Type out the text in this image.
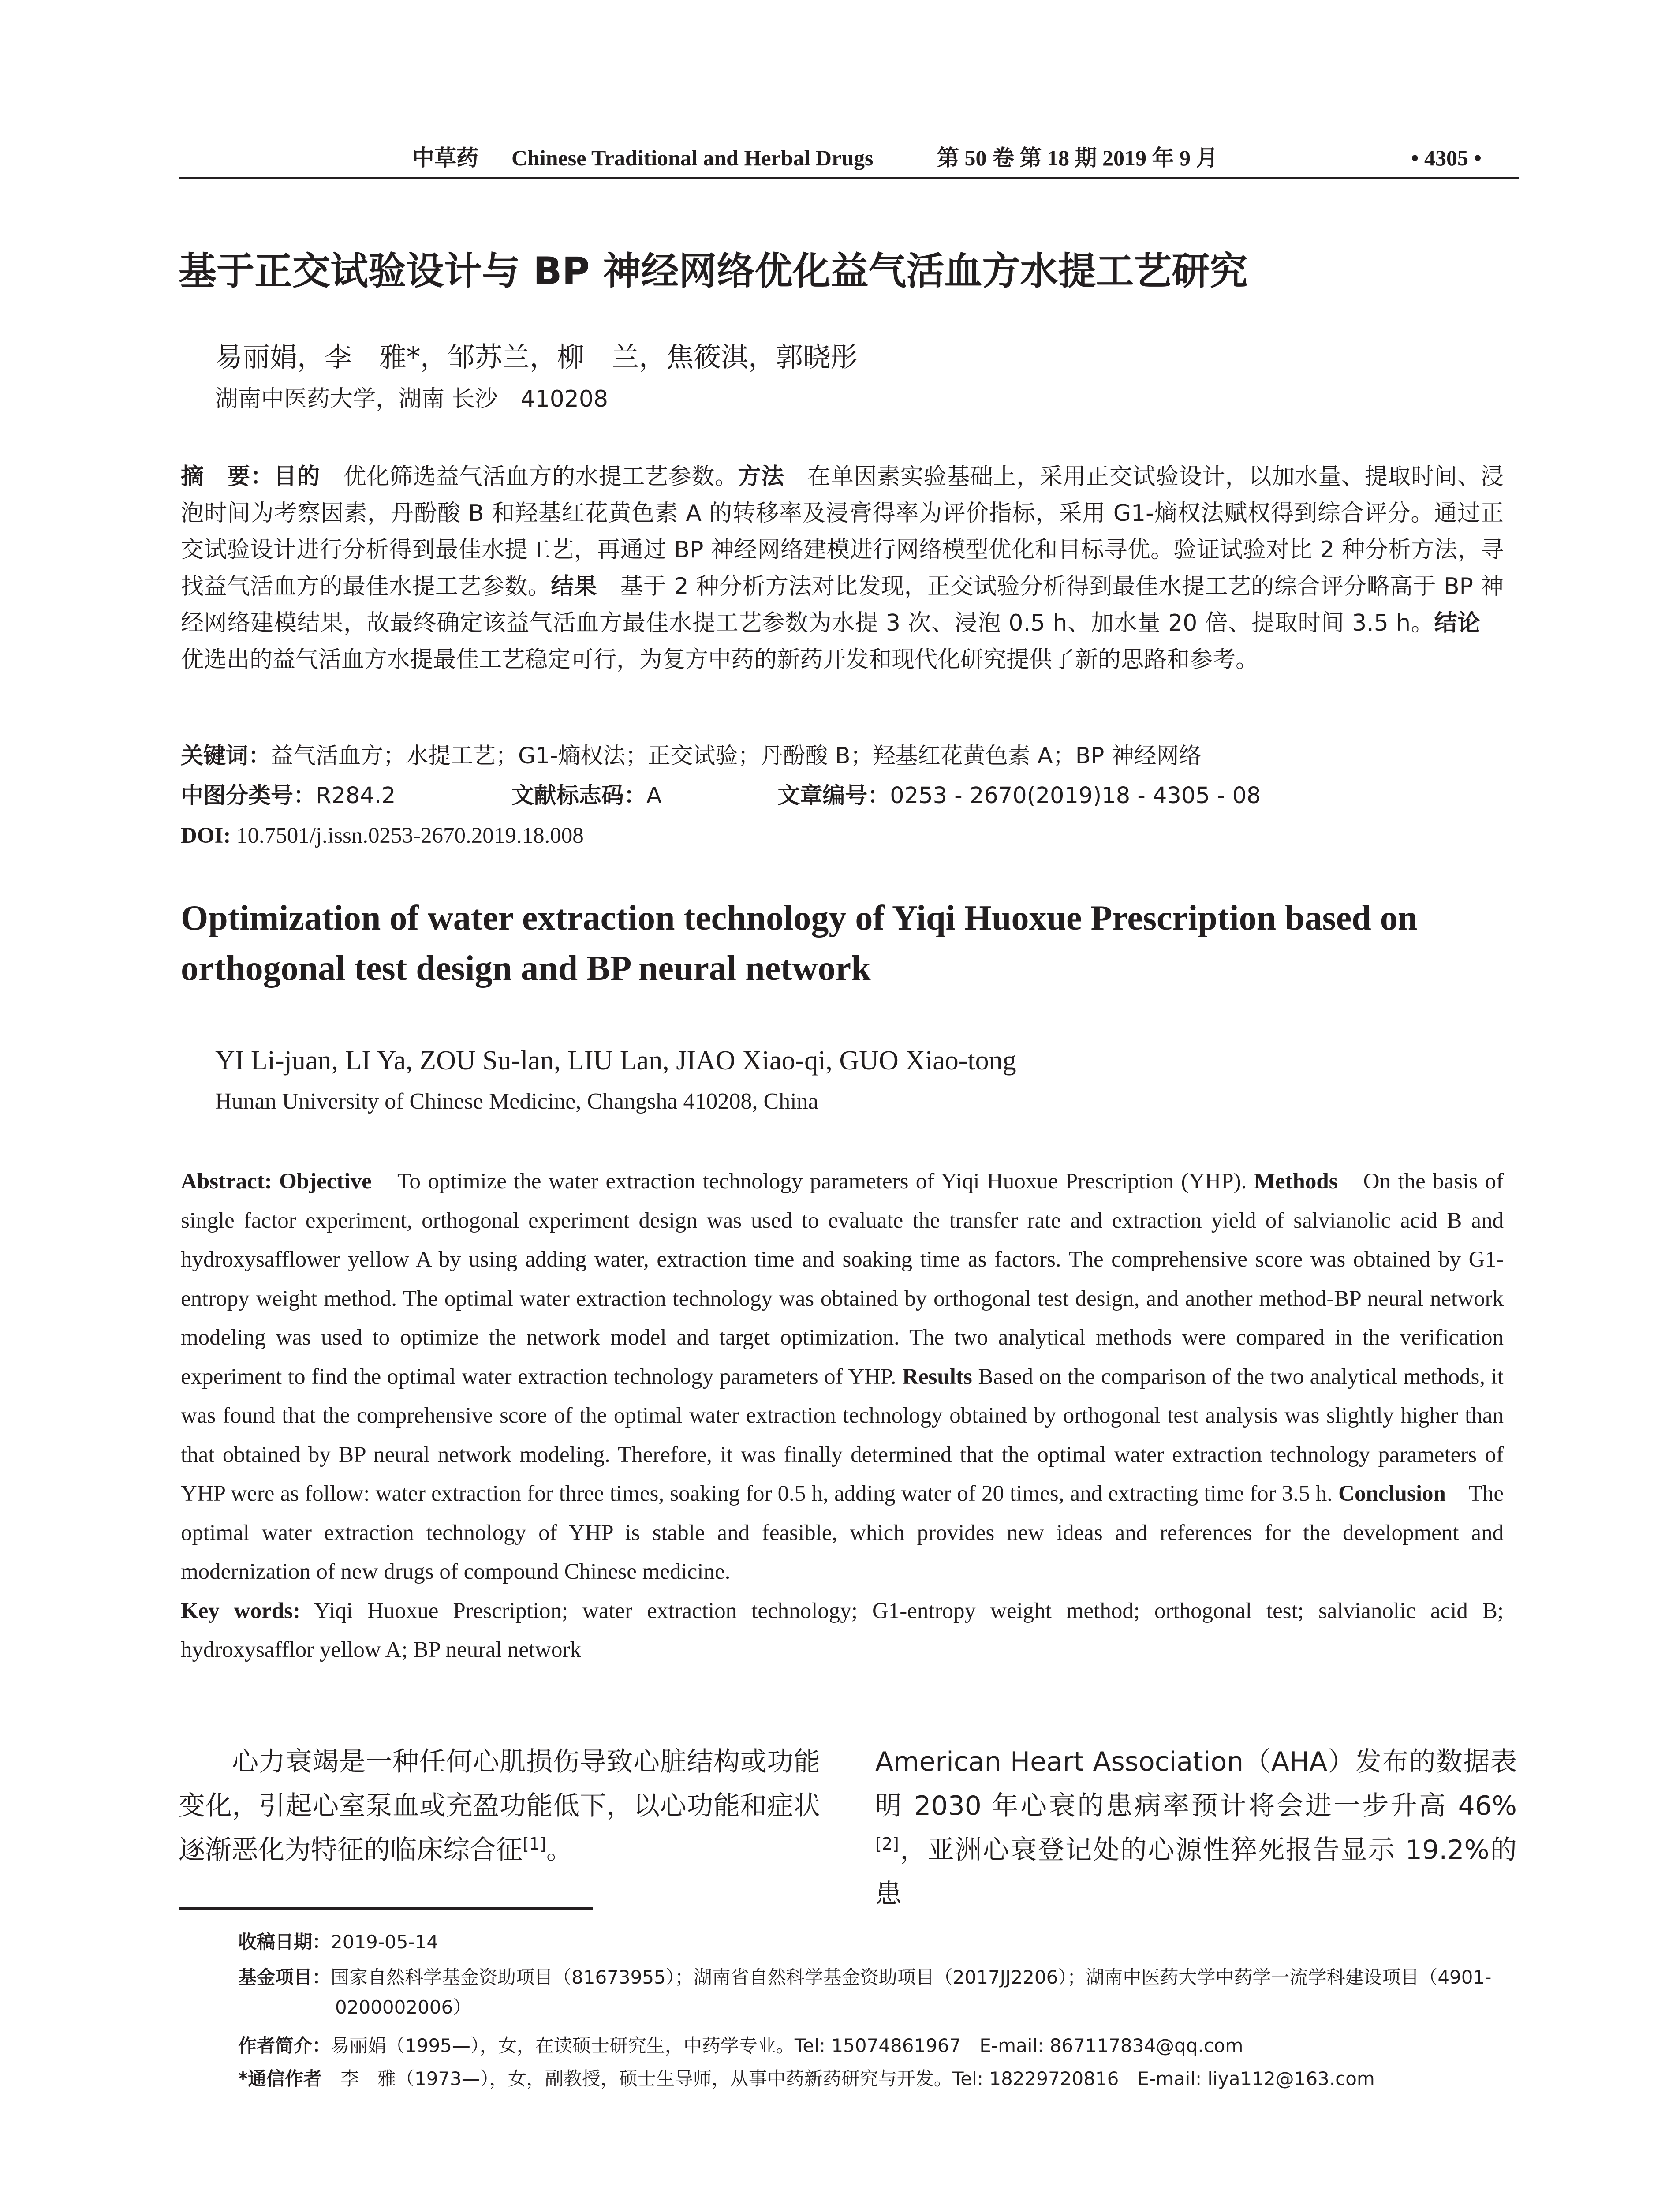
中草药 Chinese Traditional and Herbal Drugs	第 50 卷 第 18 期 2019 年 9 月	• 4305 •
基于正交试验设计与 BP 神经网络优化益气活血方水提工艺研究
易丽娟，李　雅*，邹苏兰，柳　兰，焦筱淇，郭晓彤
湖南中医药大学，湖南 长沙　410208
摘　要：目的　优化筛选益气活血方的水提工艺参数。方法　在单因素实验基础上，采用正交试验设计，以加水量、提取时间、浸泡时间为考察因素，丹酚酸 B 和羟基红花黄色素 A 的转移率及浸膏得率为评价指标，采用 G1-熵权法赋权得到综合评分。通过正交试验设计进行分析得到最佳水提工艺，再通过 BP 神经网络建模进行网络模型优化和目标寻优。验证试验对比 2 种分析方法，寻找益气活血方的最佳水提工艺参数。结果　基于 2 种分析方法对比发现，正交试验分析得到最佳水提工艺的综合评分略高于 BP 神经网络建模结果，故最终确定该益气活血方最佳水提工艺参数为水提 3 次、浸泡 0.5 h、加水量 20 倍、提取时间 3.5 h。结论　优选出的益气活血方水提最佳工艺稳定可行，为复方中药的新药开发和现代化研究提供了新的思路和参考。
关键词：益气活血方；水提工艺；G1-熵权法；正交试验；丹酚酸 B；羟基红花黄色素 A；BP 神经网络
中图分类号：R284.2	文献标志码：A	文章编号：0253 - 2670(2019)18 - 4305 - 08
DOI: 10.7501/j.issn.0253-2670.2019.18.008
Optimization of water extraction technology of Yiqi Huoxue Prescription based on orthogonal test design and BP neural network
YI Li-juan, LI Ya, ZOU Su-lan, LIU Lan, JIAO Xiao-qi, GUO Xiao-tong
Hunan University of Chinese Medicine, Changsha 410208, China
Abstract: Objective　To optimize the water extraction technology parameters of Yiqi Huoxue Prescription (YHP). Methods　On the basis of single factor experiment, orthogonal experiment design was used to evaluate the transfer rate and extraction yield of salvianolic acid B and hydroxysafflower yellow A by using adding water, extraction time and soaking time as factors. The comprehensive score was obtained by G1-entropy weight method. The optimal water extraction technology was obtained by orthogonal test design, and another method-BP neural network modeling was used to optimize the network model and target optimization. The two analytical methods were compared in the verification experiment to find the optimal water extraction technology parameters of YHP. Results Based on the comparison of the two analytical methods, it was found that the comprehensive score of the optimal water extraction technology obtained by orthogonal test analysis was slightly higher than that obtained by BP neural network modeling. Therefore, it was finally determined that the optimal water extraction technology parameters of YHP were as follow: water extraction for three times, soaking for 0.5 h, adding water of 20 times, and extracting time for 3.5 h. Conclusion　The optimal water extraction technology of YHP is stable and feasible, which provides new ideas and references for the development and modernization of new drugs of compound Chinese medicine.
Key words: Yiqi Huoxue Prescription; water extraction technology; G1-entropy weight method; orthogonal test; salvianolic acid B; hydroxysafflor yellow A; BP neural network
　　心力衰竭是一种任何心肌损伤导致心脏结构或功能变化，引起心室泵血或充盈功能低下，以心功能和症状逐渐恶化为特征的临床综合征[1]。
American Heart Association（AHA）发布的数据表明 2030 年心衰的患病率预计将会进一步升高 46%[2]，亚洲心衰登记处的心源性猝死报告显示 19.2%的患
收稿日期：2019-05-14
基金项目：国家自然科学基金资助项目（81673955）；湖南省自然科学基金资助项目（2017JJ2206）；湖南中医药大学中药学一流学科建设项目（4901-0200002006）
作者简介：易丽娟（1995—），女，在读硕士研究生，中药学专业。Tel: 15074861967　E-mail: 867117834@qq.com
*通信作者　李　雅（1973—），女，副教授，硕士生导师，从事中药新药研究与开发。Tel: 18229720816　E-mail: liya112@163.com
